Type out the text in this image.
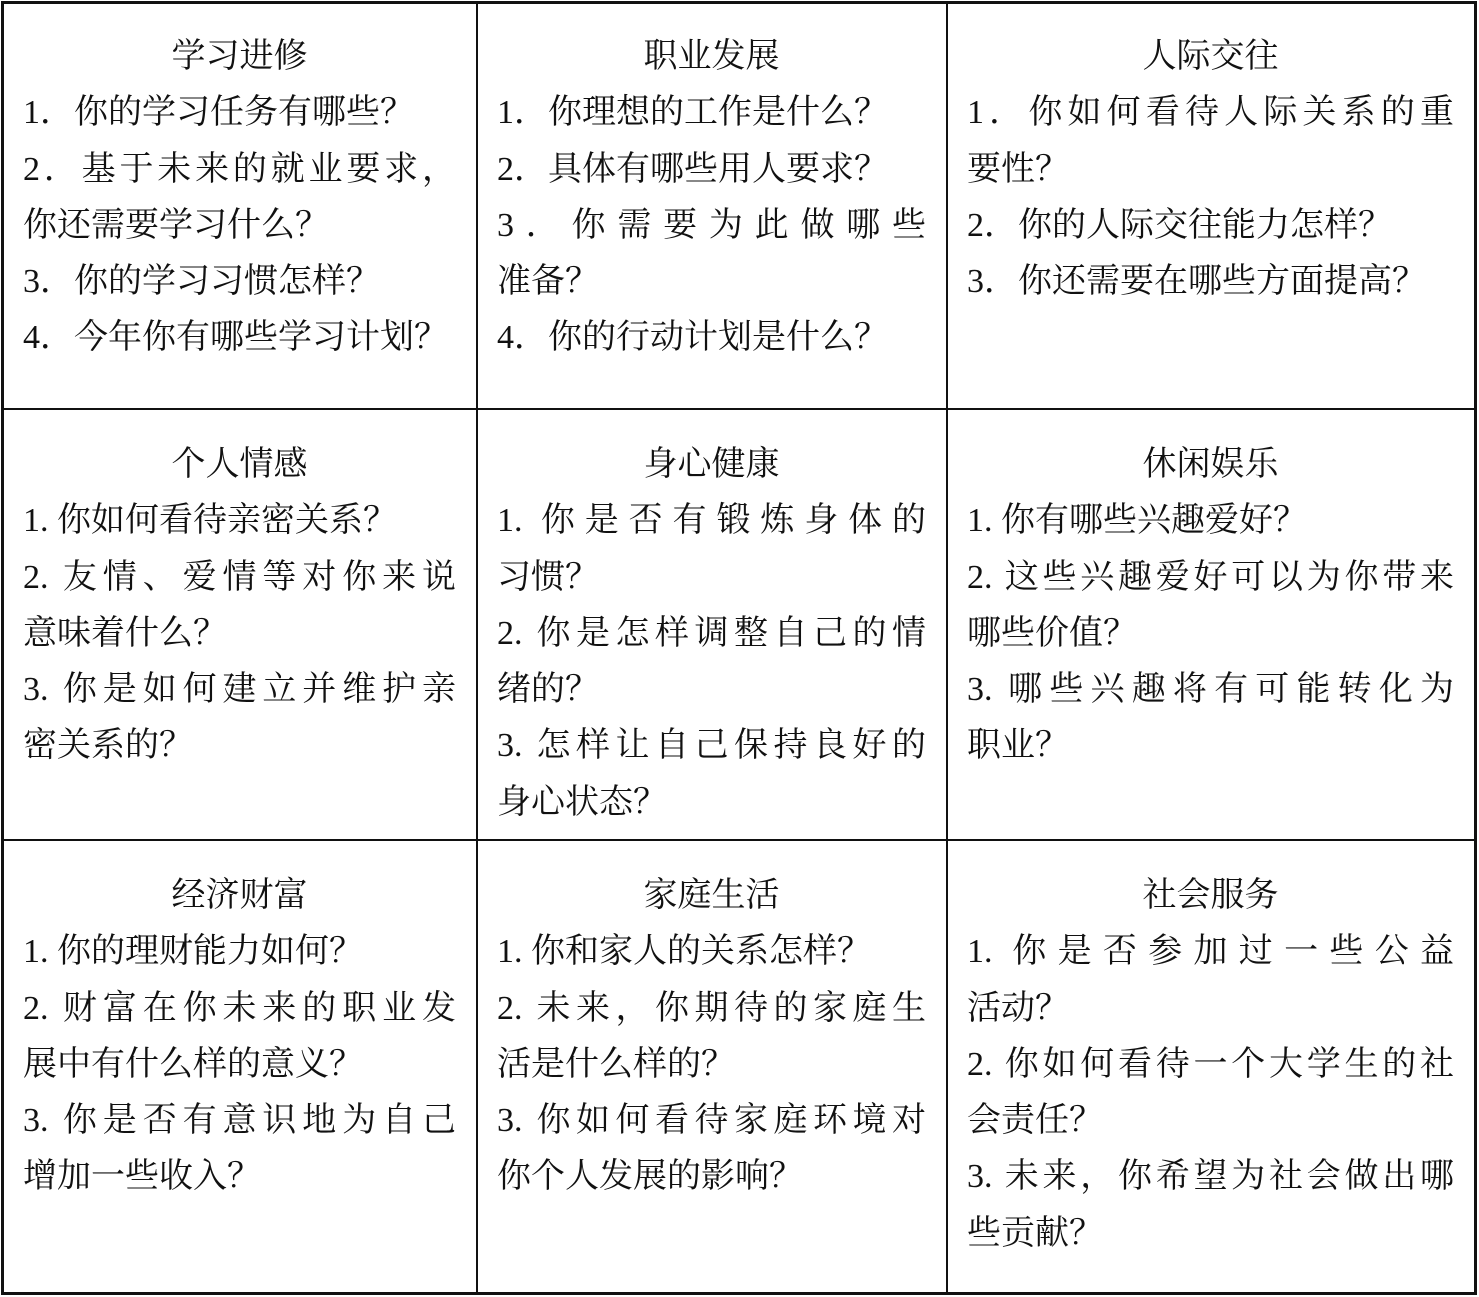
学习进修
1．你的学习任务有哪些？
2．基于未来的就业要求，
你还需要学习什么？
3．你的学习习惯怎样？
4．今年你有哪些学习计划？
职业发展
1．你理想的工作是什么？
2．具体有哪些用人要求？
3．你需要为此做哪些
准备？
4．你的行动计划是什么？
人际交往
1．你如何看待人际关系的重
要性？
2．你的人际交往能力怎样？
3．你还需要在哪些方面提高？
个人情感
1. 你如何看待亲密关系？
2. 友情、爱情等对你来说
意味着什么？
3. 你是如何建立并维护亲
密关系的？
身心健康
1. 你是否有锻炼身体的
习惯？
2. 你是怎样调整自己的情
绪的？
3. 怎样让自己保持良好的
身心状态？
休闲娱乐
1. 你有哪些兴趣爱好？
2. 这些兴趣爱好可以为你带来
哪些价值？
3. 哪些兴趣将有可能转化为
职业？
经济财富
1. 你的理财能力如何？
2. 财富在你未来的职业发
展中有什么样的意义？
3. 你是否有意识地为自己
增加一些收入？
家庭生活
1. 你和家人的关系怎样？
2. 未来，你期待的家庭生
活是什么样的？
3. 你如何看待家庭环境对
你个人发展的影响？
社会服务
1. 你是否参加过一些公益
活动？
2. 你如何看待一个大学生的社
会责任？
3. 未来，你希望为社会做出哪
些贡献？
